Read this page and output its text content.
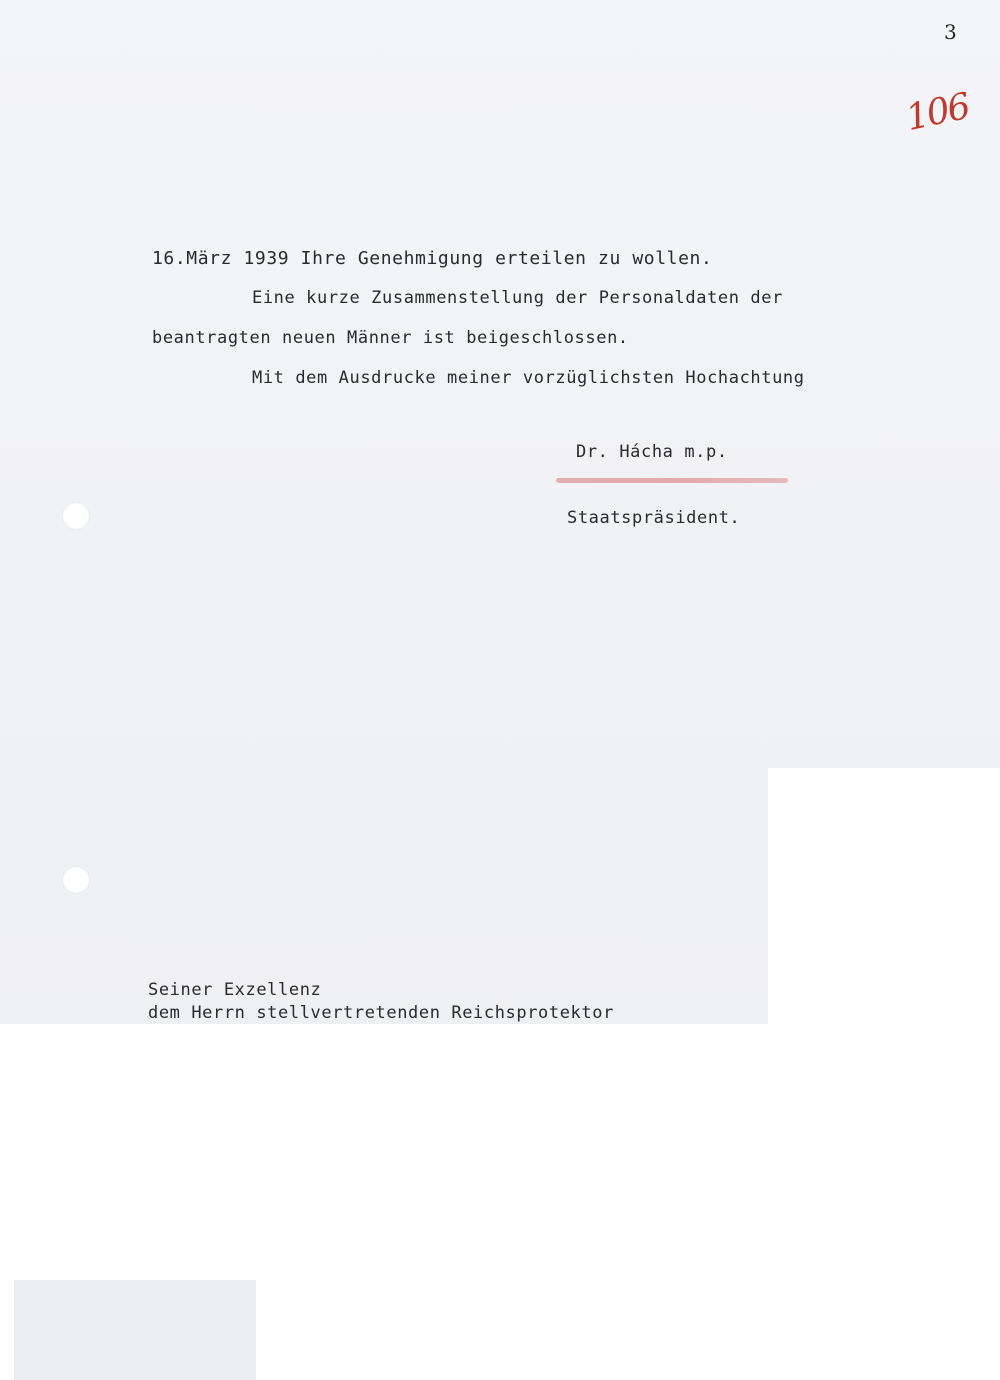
3
106
16.März 1939 Ihre Genehmigung erteilen zu wollen.
Eine kurze Zusammenstellung der Personaldaten der
beantragten neuen Männer ist beigeschlossen.
Mit dem Ausdrucke meiner vorzüglichsten Hochachtung
Dr. Hácha m.p.
Staatspräsident.
Seiner Exzellenz
dem Herrn stellvertretenden Reichsprotektor
